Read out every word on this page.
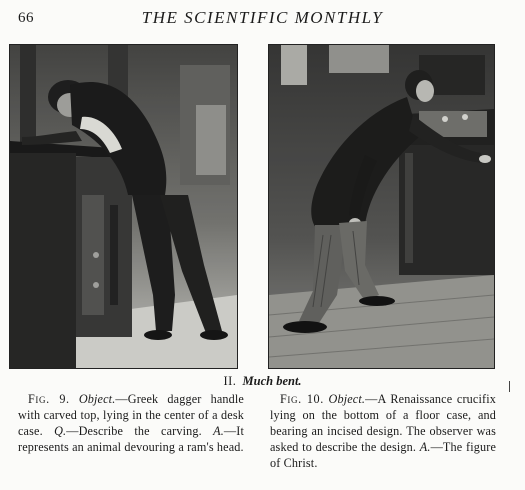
66	THE SCIENTIFIC MONTHLY
II. Much bent.
Fig. 9. Object.—Greek dagger handle with carved top, lying in the center of a desk case. Q.—Describe the carving. A.—It represents an animal devouring a ram's head.
Fig. 10. Object.—A Renaissance crucifix lying on the bottom of a floor case, and bearing an incised design. The observer was asked to describe the design. A.—The figure of Christ.
